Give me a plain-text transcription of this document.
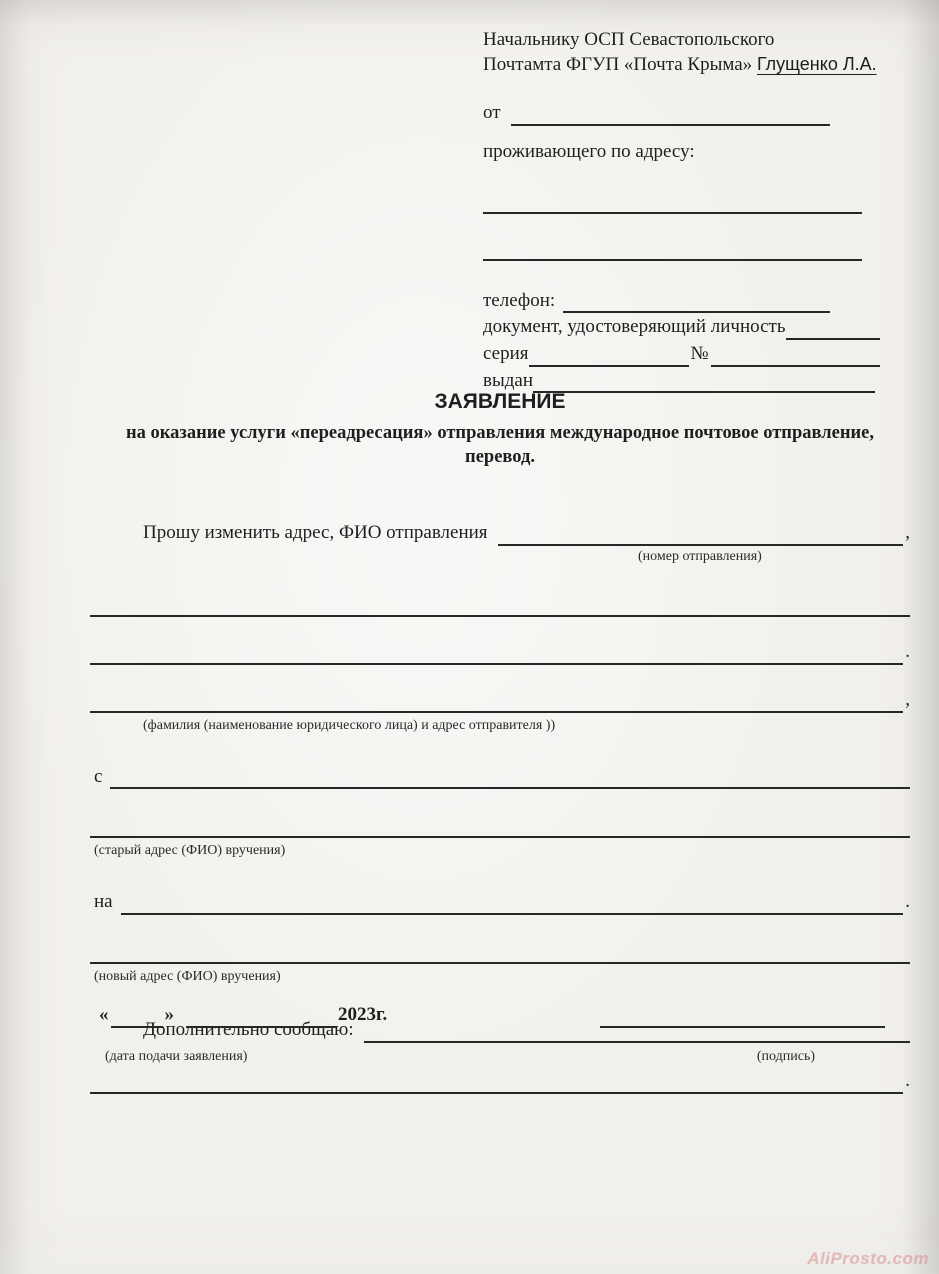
Начальнику ОСП Севастопольского
Почтамта ФГУП «Почта Крыма» Глущенко Л.А.
от
проживающего по адресу:
телефон:
документ, удостоверяющий личность
серия	№
выдан
ЗАЯВЛЕНИЕ
на оказание услуги «переадресация» отправления международное почтовое отправление, перевод.
Прошу изменить адрес, ФИО отправления	,
(номер отправления)
.
,
(фамилия (наименование юридического лица) и адрес отправителя ))
с
(старый адрес (ФИО) вручения)
на	.
(новый адрес (ФИО) вручения)
Дополнительно сообщаю:
.
«	»	2023г.
(дата подачи заявления)	(подпись)
AliProsto.com
